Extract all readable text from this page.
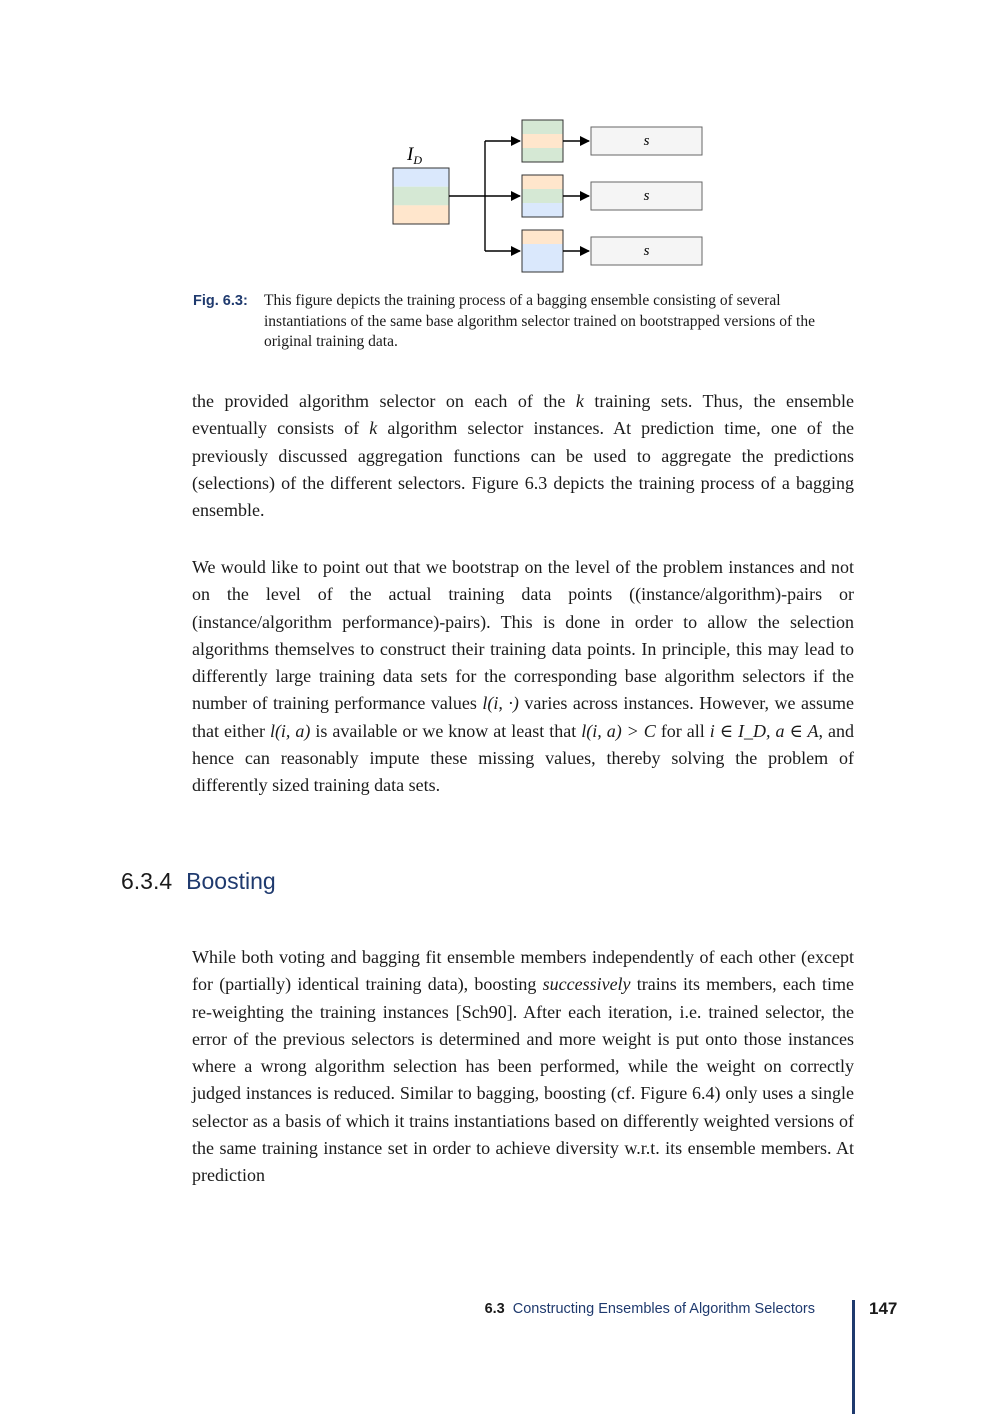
$I_D$
s
s
s
Fig. 6.3: This figure depicts the training process of a bagging ensemble consisting of several instantiations of the same base algorithm selector trained on bootstrapped versions of the original training data.

the provided algorithm selector on each of the k training sets. Thus, the ensemble eventually consists of k algorithm selector instances. At prediction time, one of the previously discussed aggregation functions can be used to aggregate the predictions (selections) of the different selectors. Figure 6.3 depicts the training process of a bagging ensemble.

We would like to point out that we bootstrap on the level of the problem instances and not on the level of the actual training data points ((instance/algorithm)-pairs or (instance/algorithm performance)-pairs). This is done in order to allow the selection algorithms themselves to construct their training data points. In principle, this may lead to differently large training data sets for the corresponding base algorithm selectors if the number of training performance values l(i, ·) varies across instances. However, we assume that either l(i, a) is available or we know at least that l(i, a) > C for all i ∈ I_D, a ∈ A, and hence can reasonably impute these missing values, thereby solving the problem of differently sized training data sets.

6.3.4 Boosting

While both voting and bagging fit ensemble members independently of each other (except for (partially) identical training data), boosting successively trains its members, each time re-weighting the training instances [Sch90]. After each iteration, i.e. trained selector, the error of the previous selectors is determined and more weight is put onto those instances where a wrong algorithm selection has been performed, while the weight on correctly judged instances is reduced. Similar to bagging, boosting (cf. Figure 6.4) only uses a single selector as a basis of which it trains instantiations based on differently weighted versions of the same training instance set in order to achieve diversity w.r.t. its ensemble members. At prediction

6.3 Constructing Ensembles of Algorithm Selectors	147
